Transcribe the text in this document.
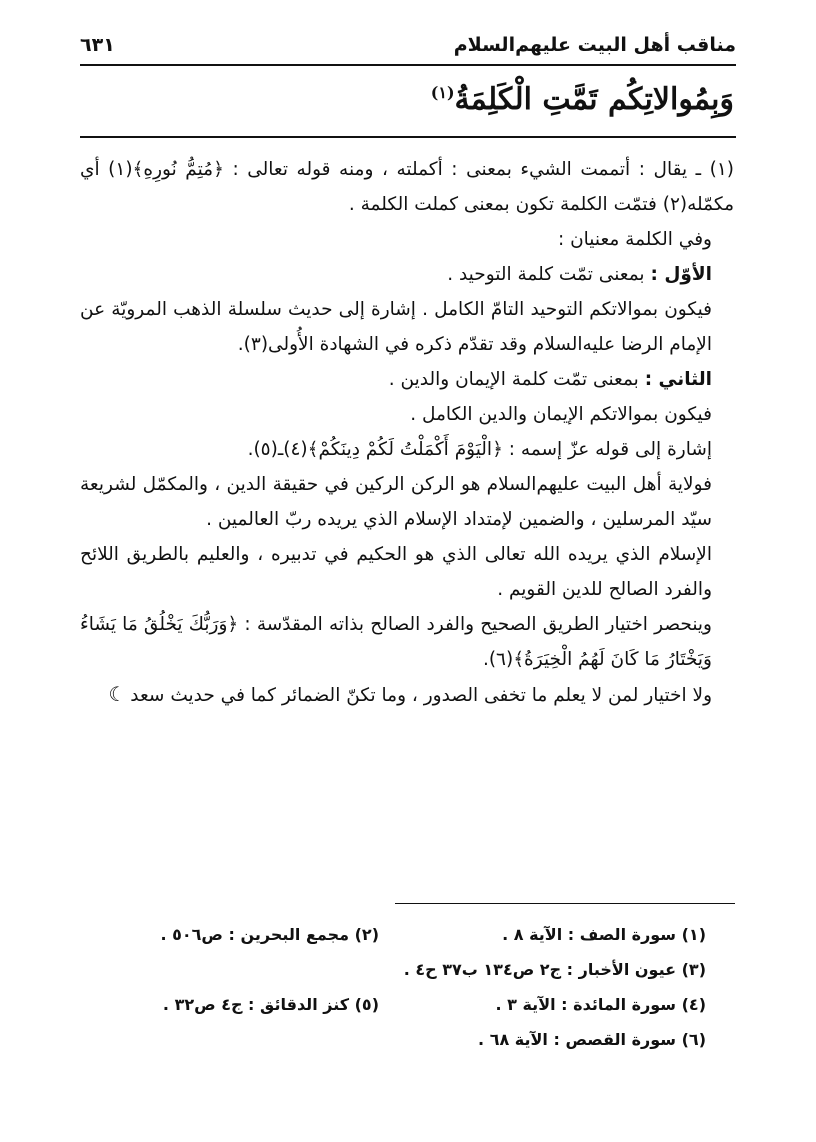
مناقب أهل البيت عليهم‌السلام
٦٣١
وَبِمُوالاتِكُم تَمَّتِ الْكَلِمَةُ$^{(١)}$

(١) ـ يقال : أتممت الشيء بمعنى : أكملته ، ومنه قوله تعالى : ﴿مُتِمُّ نُورِهِ﴾(١) أي مكمّله(٢) فتمّت الكلمة تكون بمعنى كملت الكلمة .

وفي الكلمة معنيان :

الأوّل : بمعنى تمّت كلمة التوحيد .

فيكون بموالاتكم التوحيد التامّ الكامل . إشارة إلى حديث سلسلة الذهب المرويّة عن الإمام الرضا عليه‌السلام وقد تقدّم ذكره في الشهادة الأُولى(٣).

الثاني : بمعنى تمّت كلمة الإيمان والدين .

فيكون بموالاتكم الإيمان والدين الكامل .

إشارة إلى قوله عزّ إسمه : ﴿الْيَوْمَ أَكْمَلْتُ لَكُمْ دِينَكُمْ﴾(٤)ـ(٥).

فولاية أهل البيت عليهم‌السلام هو الركن الركين في حقيقة الدين ، والمكمّل لشريعة سيّد المرسلين ، والضمين لإمتداد الإسلام الذي يريده ربّ العالمين .

الإسلام الذي يريده الله تعالى الذي هو الحكيم في تدبيره ، والعليم بالطريق اللائح والفرد الصالح للدين القويم .

وينحصر اختيار الطريق الصحيح والفرد الصالح بذاته المقدّسة : ﴿وَرَبُّكَ يَخْلُقُ مَا يَشَاءُ وَيَخْتَارُ مَا كَانَ لَهُمُ الْخِيَرَةُ﴾(٦).

ولا اختيار لمن لا يعلم ما تخفى الصدور ، وما تكنّ الضمائر كما في حديث سعد☾

(١) سورة الصف : الآية ٨ .
(٢) مجمع البحرين : ص٥٠٦ .
(٣) عيون الأخبار : ج٢ ص١٣٤ ب٣٧ ح٤ .
(٤) سورة المائدة : الآية ٣ .
(٥) كنز الدقائق : ج٤ ص٣٢ .
(٦) سورة القصص : الآية ٦٨ .
